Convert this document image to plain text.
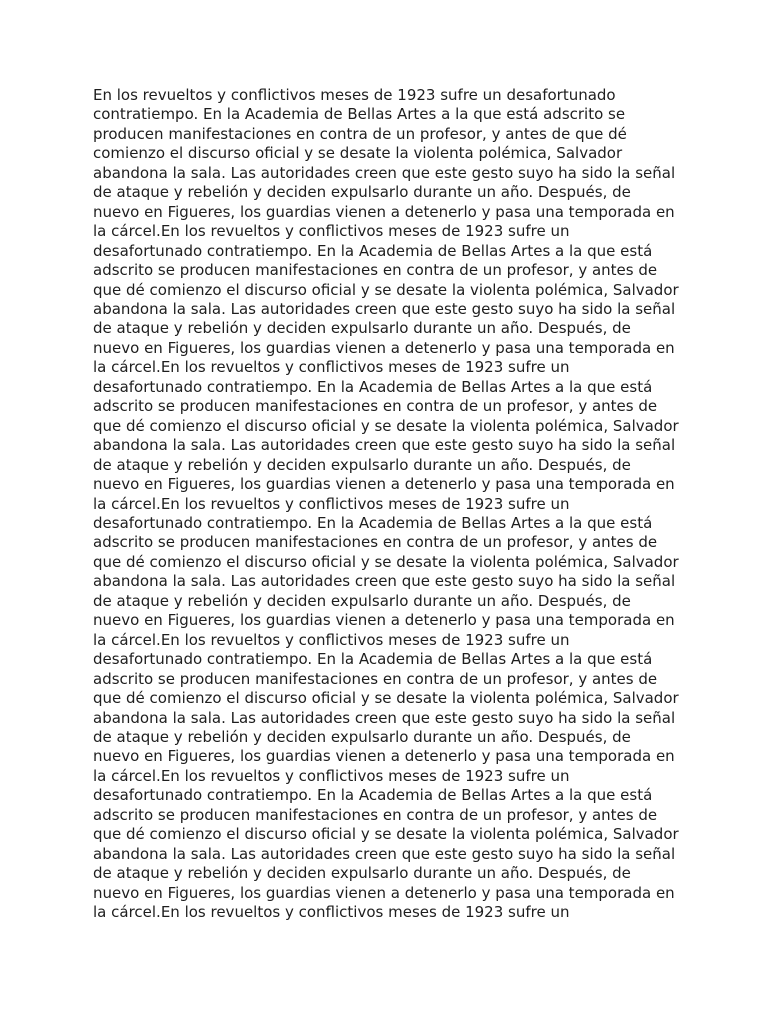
En los revueltos y conflictivos meses de 1923 sufre un desafortunado
contratiempo. En la Academia de Bellas Artes a la que está adscrito se
producen manifestaciones en contra de un profesor, y antes de que dé
comienzo el discurso oficial y se desate la violenta polémica, Salvador
abandona la sala. Las autoridades creen que este gesto suyo ha sido la señal
de ataque y rebelión y deciden expulsarlo durante un año. Después, de
nuevo en Figueres, los guardias vienen a detenerlo y pasa una temporada en
la cárcel.En los revueltos y conflictivos meses de 1923 sufre un
desafortunado contratiempo. En la Academia de Bellas Artes a la que está
adscrito se producen manifestaciones en contra de un profesor, y antes de
que dé comienzo el discurso oficial y se desate la violenta polémica, Salvador
abandona la sala. Las autoridades creen que este gesto suyo ha sido la señal
de ataque y rebelión y deciden expulsarlo durante un año. Después, de
nuevo en Figueres, los guardias vienen a detenerlo y pasa una temporada en
la cárcel.En los revueltos y conflictivos meses de 1923 sufre un
desafortunado contratiempo. En la Academia de Bellas Artes a la que está
adscrito se producen manifestaciones en contra de un profesor, y antes de
que dé comienzo el discurso oficial y se desate la violenta polémica, Salvador
abandona la sala. Las autoridades creen que este gesto suyo ha sido la señal
de ataque y rebelión y deciden expulsarlo durante un año. Después, de
nuevo en Figueres, los guardias vienen a detenerlo y pasa una temporada en
la cárcel.En los revueltos y conflictivos meses de 1923 sufre un
desafortunado contratiempo. En la Academia de Bellas Artes a la que está
adscrito se producen manifestaciones en contra de un profesor, y antes de
que dé comienzo el discurso oficial y se desate la violenta polémica, Salvador
abandona la sala. Las autoridades creen que este gesto suyo ha sido la señal
de ataque y rebelión y deciden expulsarlo durante un año. Después, de
nuevo en Figueres, los guardias vienen a detenerlo y pasa una temporada en
la cárcel.En los revueltos y conflictivos meses de 1923 sufre un
desafortunado contratiempo. En la Academia de Bellas Artes a la que está
adscrito se producen manifestaciones en contra de un profesor, y antes de
que dé comienzo el discurso oficial y se desate la violenta polémica, Salvador
abandona la sala. Las autoridades creen que este gesto suyo ha sido la señal
de ataque y rebelión y deciden expulsarlo durante un año. Después, de
nuevo en Figueres, los guardias vienen a detenerlo y pasa una temporada en
la cárcel.En los revueltos y conflictivos meses de 1923 sufre un
desafortunado contratiempo. En la Academia de Bellas Artes a la que está
adscrito se producen manifestaciones en contra de un profesor, y antes de
que dé comienzo el discurso oficial y se desate la violenta polémica, Salvador
abandona la sala. Las autoridades creen que este gesto suyo ha sido la señal
de ataque y rebelión y deciden expulsarlo durante un año. Después, de
nuevo en Figueres, los guardias vienen a detenerlo y pasa una temporada en
la cárcel.En los revueltos y conflictivos meses de 1923 sufre un
